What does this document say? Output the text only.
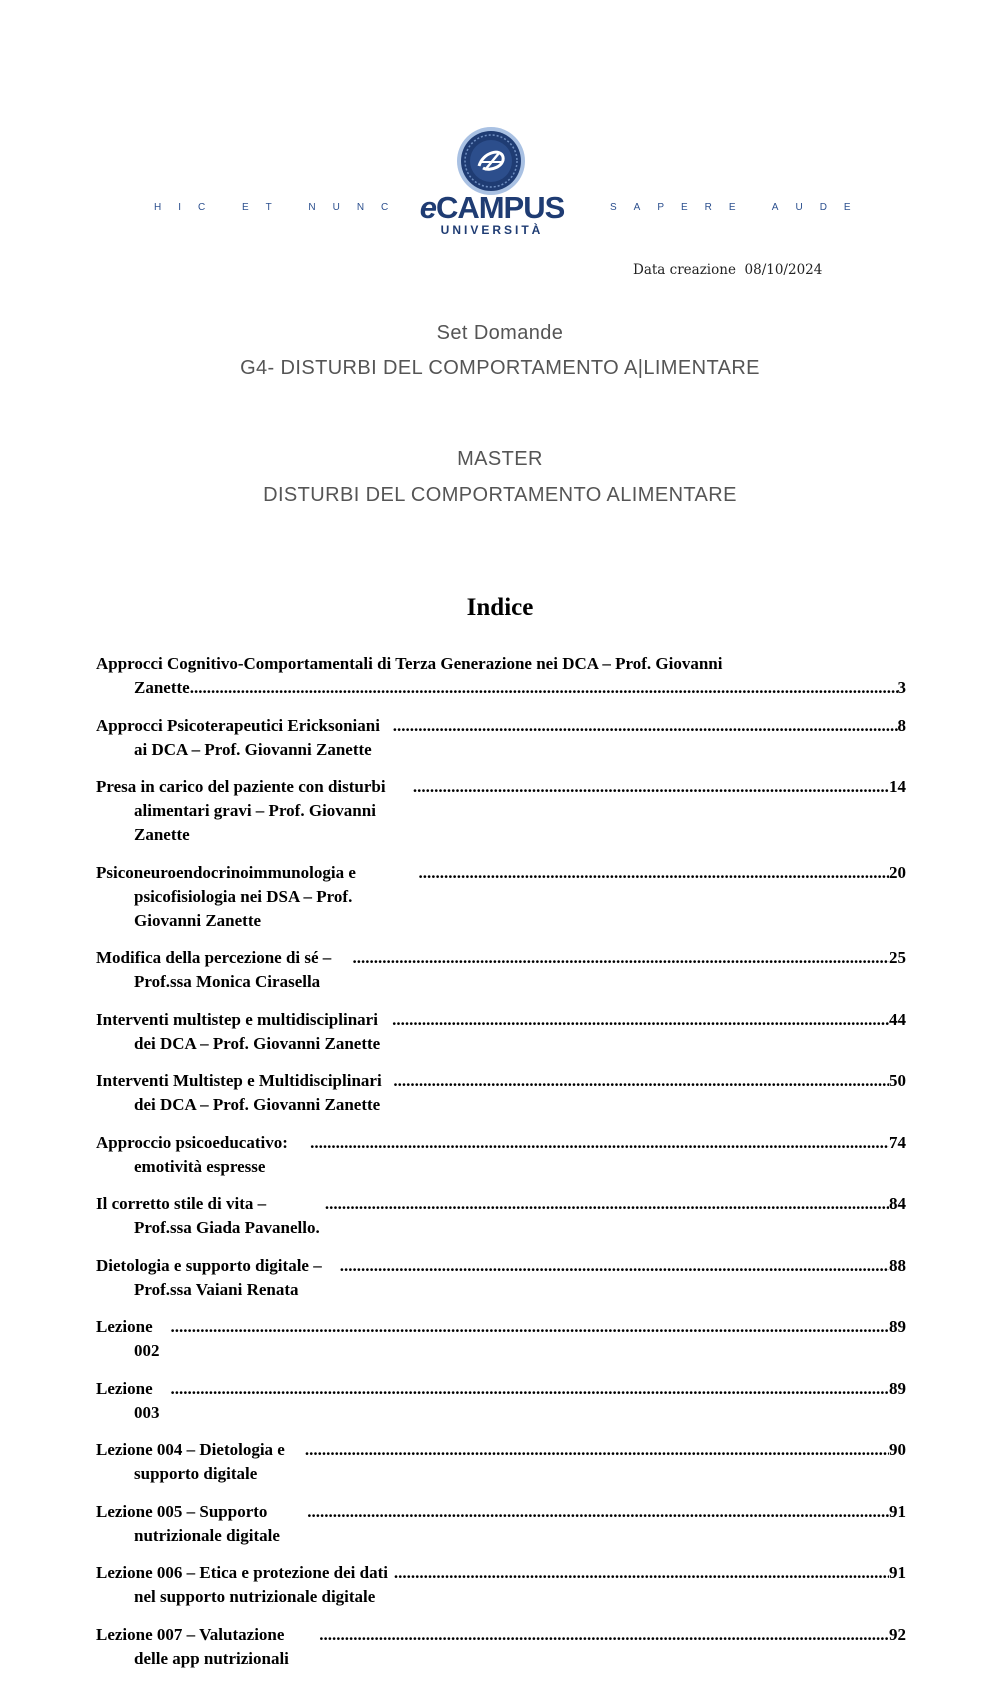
HIC ET NUNC eCAMPUS
UNIVERSITÀ
SAPERE AUDE
Data creazione 08/10/2024
Set Domande
G4- DISTURBI DEL COMPORTAMENTO A|LIMENTARE
MASTER
DISTURBI DEL COMPORTAMENTO ALIMENTARE
Indice
Approcci Cognitivo-Comportamentali di Terza Generazione nei DCA – Prof. Giovanni
Zanette
.....	3
Approcci Psicoterapeutici Ericksoniani ai DCA – Prof. Giovanni Zanette
.....
8
Presa in carico del paziente con disturbi alimentari gravi – Prof. Giovanni Zanette
.....
14
Psiconeuroendocrinoimmunologia e psicofisiologia nei DSA – Prof. Giovanni Zanette
.....
20
Modifica della percezione di sé – Prof.ssa Monica Cirasella
.....
25
Interventi multistep e multidisciplinari dei DCA – Prof. Giovanni Zanette
.....
44
Interventi Multistep e Multidisciplinari dei DCA – Prof. Giovanni Zanette
.....
50
Approccio psicoeducativo: emotività espresse
.....
74
Il corretto stile di vita – Prof.ssa Giada Pavanello.
.....
84
Dietologia e supporto digitale – Prof.ssa Vaiani Renata
.....
88
Lezione 002
.....
89
Lezione 003
.....
89
Lezione 004 – Dietologia e supporto digitale
.....
90
Lezione 005 – Supporto nutrizionale digitale
.....
91
Lezione 006 – Etica e protezione dei dati nel supporto nutrizionale digitale
.....
91
Lezione 007 – Valutazione delle app nutrizionali
.....
92
